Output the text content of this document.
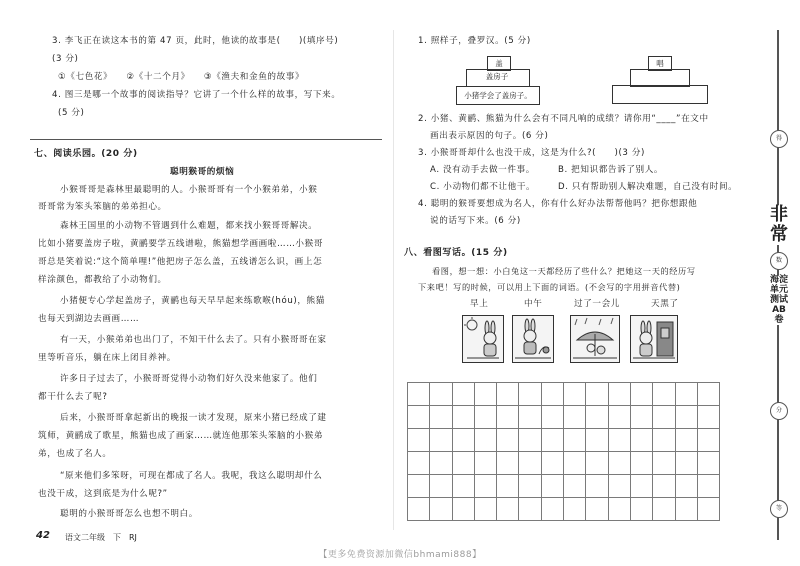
3. 李飞正在读这本书的第 47 页，此时，他读的故事是(　　)(填序号)
(3 分)
①《七色花》　　②《十二个月》　　③《渔夫和金鱼的故事》
4. 图三是哪一个故事的阅读指导？它讲了一个什么样的故事，写下来。
(5 分)
七、阅读乐园。(20 分)
聪明猴哥的烦恼
小猴哥哥是森林里最聪明的人。小猴哥哥有一个小猴弟弟，小猴
哥哥常为笨头笨脑的弟弟担心。
森林王国里的小动物不管遇到什么难题，都来找小猴哥哥解决。
比如小猪要盖房子啦，黄鹂要学五线谱啦，熊猫想学画画啦……小猴哥
哥总是笑着说:“这个简单哩!”他把房子怎么盖，五线谱怎么识，画上怎
样涂颜色，都教给了小动物们。
小猪便专心学起盖房子，黄鹂也每天早早起来练歌喉(hóu)，熊猫
也每天到湖边去画画……
有一天，小猴弟弟也出门了，不知干什么去了。只有小猴哥哥在家
里等听音乐，躺在床上闭目养神。
许多日子过去了，小猴哥哥觉得小动物们好久没来他家了。他们
都干什么去了呢?
后来，小猴哥哥拿起新出的晚报一读才发现，原来小猪已经成了建
筑师，黄鹂成了歌星，熊猫也成了画家……就连他那笨头笨脑的小猴弟
弟，也成了名人。
“原来他们多笨呀，可现在都成了名人。我呢，我这么聪明却什么
也没干成，这到底是为什么呢?”
聪明的小猴哥哥怎么也想不明白。
42 语文二年级　下　RJ
1. 照样子，叠罗汉。(5 分)
盖
盖房子
小猪学会了盖房子。
唱
2. 小猪、黄鹂、熊猫为什么会有不同凡响的成绩？请你用“____”在文中
画出表示原因的句子。(6 分)
3. 小猴哥哥却什么也没干成，这是为什么?(　　)(3 分)
A. 没有动手去做一件事。	B. 把知识都告诉了别人。
C. 小动物们都不让他干。	D. 只有帮助别人解决难题，自己没有时间。
4. 聪明的猴哥要想成为名人，你有什么好办法帮帮他吗？把你想跟他
说的话写下来。(6 分)
八、看图写话。(15 分)
看图，想一想：小白兔这一天都经历了些什么？把她这一天的经历写
下来吧！写的时候，可以用上下面的词语。(不会写的字用拼音代替)
早上	中午	过了一会儿	天黑了

得
非常
海淀单元测试AB卷
分
数
等
【更多免费资源加微信bhmami888】
